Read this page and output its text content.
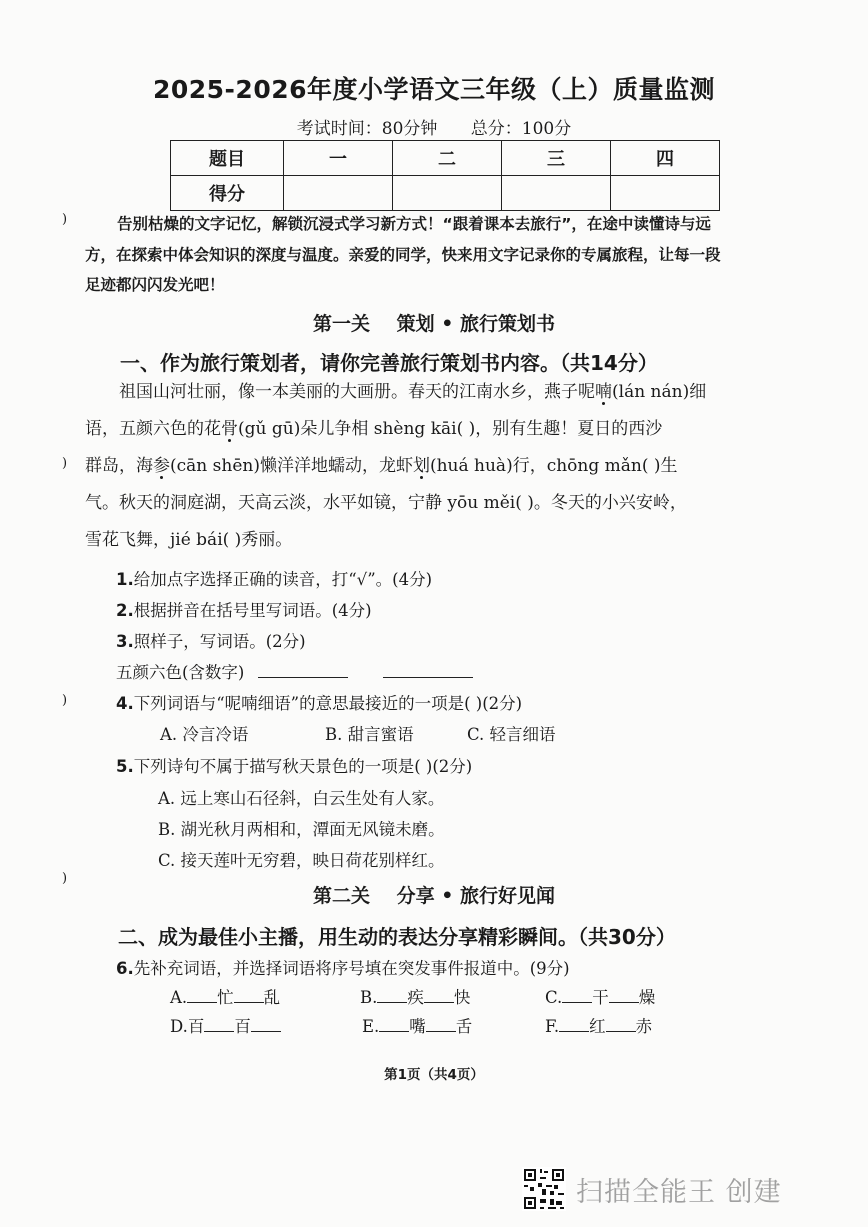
2025-2026年度小学语文三年级（上）质量监测
考试时间：80分钟 总分：100分
题目	一	二	三	四
得分				
)	告别枯燥的文字记忆，解锁沉浸式学习新方式！“跟着课本去旅行”，在途中读懂诗与远
方，在探索中体会知识的深度与温度。亲爱的同学，快来用文字记录你的专属旅程，让每一段
足迹都闪闪发光吧！
第一关 策划 • 旅行策划书
一、作为旅行策划者，请你完善旅行策划书内容。（共14分）
祖国山河壮丽，像一本美丽的大画册。春天的江南水乡，燕子呢喃(lán nán)细
语，五颜六色的花骨(gǔ gū)朵儿争相 shèng kāi( )，别有生趣！夏日的西沙
群岛，海参(cān shēn)懒洋洋地蠕动，龙虾划(huá huà)行，chōng mǎn( )生
气。秋天的洞庭湖，天高云淡，水平如镜，宁静 yōu měi( )。冬天的小兴安岭，
雪花飞舞，jié bái( )秀丽。
)
1.给加点字选择正确的读音，打“√”。(4分)
2.根据拼音在括号里写词语。(4分)
3.照样子，写词语。(2分)
五颜六色(含数字)
)	4.下列词语与“呢喃细语”的意思最接近的一项是( )(2分)
A. 冷言冷语	B. 甜言蜜语	C. 轻言细语
5.下列诗句不属于描写秋天景色的一项是( )(2分)
A. 远上寒山石径斜，白云生处有人家。
B. 湖光秋月两相和，潭面无风镜未磨。
C. 接天莲叶无穷碧，映日荷花别样红。
)
第二关 分享 • 旅行好见闻
二、成为最佳小主播，用生动的表达分享精彩瞬间。（共30分）
6.先补充词语，并选择词语将序号填在突发事件报道中。(9分)
A. 忙 乱	B. 疾 快	C. 干 燥
D.百 百	E. 嘴 舌	F. 红 赤
第1页（共4页）
扫描全能王 创建
